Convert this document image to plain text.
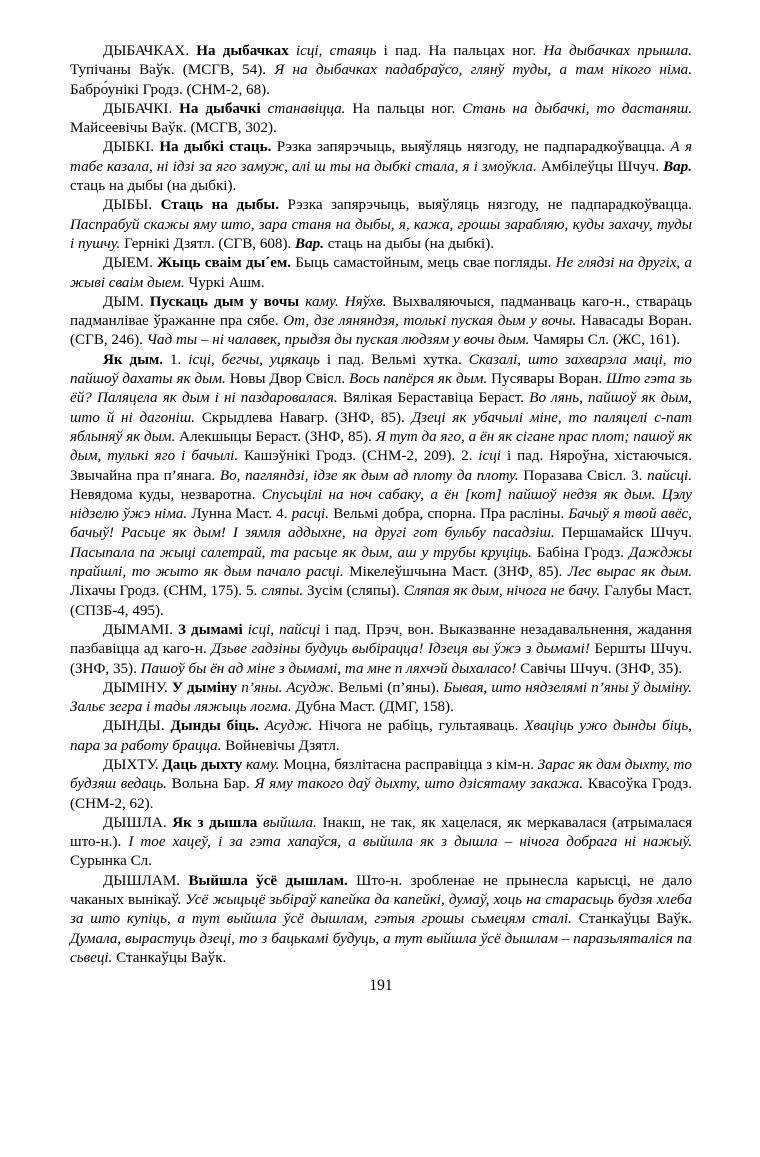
ДЫБАЧКАХ. На дыбачках ісці, стаяць і пад. На пальцах ног. На дыбачках прышла. Тупічаны Ваўк. (МСГВ, 54). Я на дыбачках падабраўсо, глянў туды, а там нікого німа. Бабро́унікі Гродз. (СНМ-2, 68).

ДЫБАЧКІ. На дыбачкі станавіцца. На пальцы ног. Стань на дыбачкі, то дастаняш. Майсеевічы Ваўк. (МСГВ, 302).

ДЫБКІ. На дыбкі стаць. Рэзка запярэчыць, выяўляць нязгоду, не падпарадкоўвацца. А я табе казала, ні ідзі за яго замуж, алі ш ты на дыбкі стала, я і змоўкла. Амбілеўцы Шчуч. Вар. стаць на дыбы (на дыбкі).

ДЫБЫ. Стаць на дыбы. Рэзка запярэчыць, выяўляць нязгоду, не падпарадкоўвацца. Паспрабуй скажы яму што, зара станя на дыбы, я, кажа, грошы зарабляю, куды захачу, туды і пушчу. Гернікі Дзятл. (СГВ, 608). Вар. стаць на дыбы (на дыбкі).

ДЫЕМ. Жыць сваім ды´ем. Быць самастойным, мець свае погляды. Не глядзі на другіх, а жыві сваім дыем. Чуркі Ашм.

ДЫМ. Пускаць дым у вочы каму. Няўхв. Выхваляючыся, падманваць каго-н., ствараць падманлівае ўражанне пра сябе. От, дзе ляняндзя, толькі пуская дым у вочы. Навасады Воран. (СГВ, 246). Чад ты – ні чалавек, прыдзя ды пуская людзям у вочы дым. Чамяры Сл. (ЖС, 161).

Як дым. 1. ісці, бегчы, уцякаць і пад. Вельмі хутка. Сказалі, што захварэла маці, то пайшоў дахаты як дым. Новы Двор Свісл. Вось папёрся як дым. Пусявары Воран. Што гэта зь ёй? Паляцела як дым і ні паздаровалася. Вялікая Бераставіца Бераст. Во лянь, пайшоў як дым, што й ні дагоніш. Скрыдлева Навагр. (ЗНФ, 85). Дзеці як убачылі міне, то паляцелі с-пат яблыняў як дым. Алекшыцы Бераст. (ЗНФ, 85). Я тут да яго, а ён як сігане прас плот; пашоў як дым, тулькі яго і бачылі. Кашэўнікі Гродз. (СНМ-2, 209). 2. ісці і пад. Няроўна, хістаючыся. Звычайна пра п’янага. Во, пагляндзі, ідзе як дым ад плоту да плоту. Поразава Свісл. 3. пайсці. Невядома куды, незваротна. Спусьцілі на ноч сабаку, а ён [кот] пайшоў недзя як дым. Цэлу нідзелю ўжэ німа. Лунна Маст. 4. расці. Вельмі добра, спорна. Пра расліны. Бачыў я твой авёс, бачыў! Расьце як дым! І зямля аддыхне, на другі гот бульбу пасадзіш. Першамайск Шчуч. Пасыпала па жыці салетрай, та расьце як дым, аш у трубы круціць. Бабіна Гродз. Дажджы прайшлі, то жыто як дым пачало расці. Мікелеўшчына Маст. (ЗНФ, 85). Лес вырас як дым. Ліхачы Гродз. (СНМ, 175). 5. сляпы. Зусім (сляпы). Сляпая як дым, нічога не бачу. Галубы Маст. (СПЗБ-4, 495).

ДЫМАМІ. З дымамі ісці, пайсці і пад. Прэч, вон. Выказванне незадавальнення, жадання пазбавіцца ад каго-н. Дзьве гадзіны будуць выбірацца! Ідзеця вы ўжэ з дымамі! Бершты Шчуч. (ЗНФ, 35). Пашоў бы ён ад міне з дымамі, та мне п ляхчэй дыхалaсо! Савічы Шчуч. (ЗНФ, 35).

ДЫМІНУ. У дыміну п’яны. Асудж. Вельмі (п’яны). Бывая, што нядзелямі п’яны ў дыміну. Зальє зегра і тады ляжыць логма. Дубна Маст. (ДМГ, 158).

ДЫНДЫ. Дынды біць. Асудж. Нічога не рабіць, гультаяваць. Хваціць ужо дынды біць, пара за работу брацца. Войневічы Дзятл.

ДЫХТУ. Даць дыхту каму. Моцна, бязлітасна расправіцца з кім-н. Зарас як дам дыхту, то будзяш ведаць. Вольна Бар. Я яму такого даў дыхту, што дзісятаму закажа. Квасоўка Гродз. (СНМ-2, 62).

ДЫШЛА. Як з дышла выйшла. Інакш, не так, як хацелася, як меркавалася (атрымалася што-н.). І тое хацеў, і за гэта хапаўся, а выйшла як з дышла – нічога добрага ні нажыў. Сурынка Сл.

ДЫШЛАМ. Выйшла ўсё дышлам. Што-н. зробленае не прынесла карысці, не дало чаканых вынікаў. Усё жыцьцё зьбіраў капейка да капейкі, думаў, хоць на старасьць будзя хлеба за што купіць, а тут выйшла ўсё дышлам, гэтыя грошы сьмецям сталі. Станкаўцы Ваўк. Думала, вырастуць дзеці, то з бацькамі будуць, а тут выйшла ўсё дышлам – паразьляталіся па сьвеці. Станкаўцы Ваўк.

191
